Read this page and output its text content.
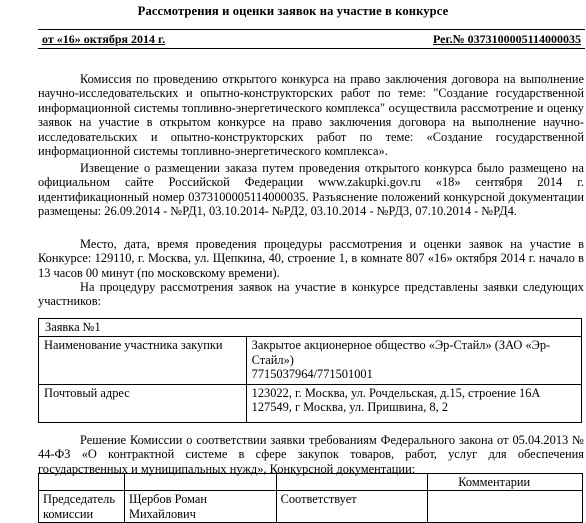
Рассмотрения и оценки заявок на участие в конкурсе
от «16» октября 2014 г.	Рег.№ 0373100005114000035

Комиссия по проведению открытого конкурса на право заключения договора на выполнение научно-исследовательских и опытно-конструкторских работ по теме: "Создание государственной информационной системы топливно-энергетического комплекса" осуществила рассмотрение и оценку заявок на участие в открытом конкурсе на право заключения договора на выполнение научно-исследовательских и опытно-конструкторских работ по теме: «Создание государственной информационной системы топливно-энергетического комплекса».

Извещение о размещении заказа путем проведения открытого конкурса было размещено на официальном сайте Российской Федерации www.zakupki.gov.ru «18» сентября 2014 г. идентификационный номер 0373100005114000035. Разъяснение положений конкурсной документации размещены: 26.09.2014 - №РД1, 03.10.2014- №РД2, 03.10.2014 - №РД3, 07.10.2014 - №РД4.

Место, дата, время проведения процедуры рассмотрения и оценки заявок на участие в Конкурсе: 129110, г. Москва, ул. Щепкина, 40, строение 1, в комнате 807 «16» октября 2014 г. начало в 13 часов 00 минут (по московскому времени).

На процедуру рассмотрения заявок на участие в конкурсе представлены заявки следующих участников:

Заявка №1	
Наименование участника закупки	Закрытое акционерное общество «Эр-Стайл» (ЗАО «Эр-Стайл»)
7715037964/771501001

Почтовый адрес	123022, г. Москва, ул. Рочдельская, д.15, строение 16А
127549, г Москва, ул. Пришвина, 8, 2

Решение Комиссии о соответствии заявки требованиям Федерального закона от 05.04.2013 № 44-ФЗ «О контрактной системе в сфере закупок товаров, работ, услуг для обеспечения государственных и муниципальных нужд», Конкурсной документации:

			Комментарии
Председатель комиссии	Щербов Роман Михайлович	Соответствует	
